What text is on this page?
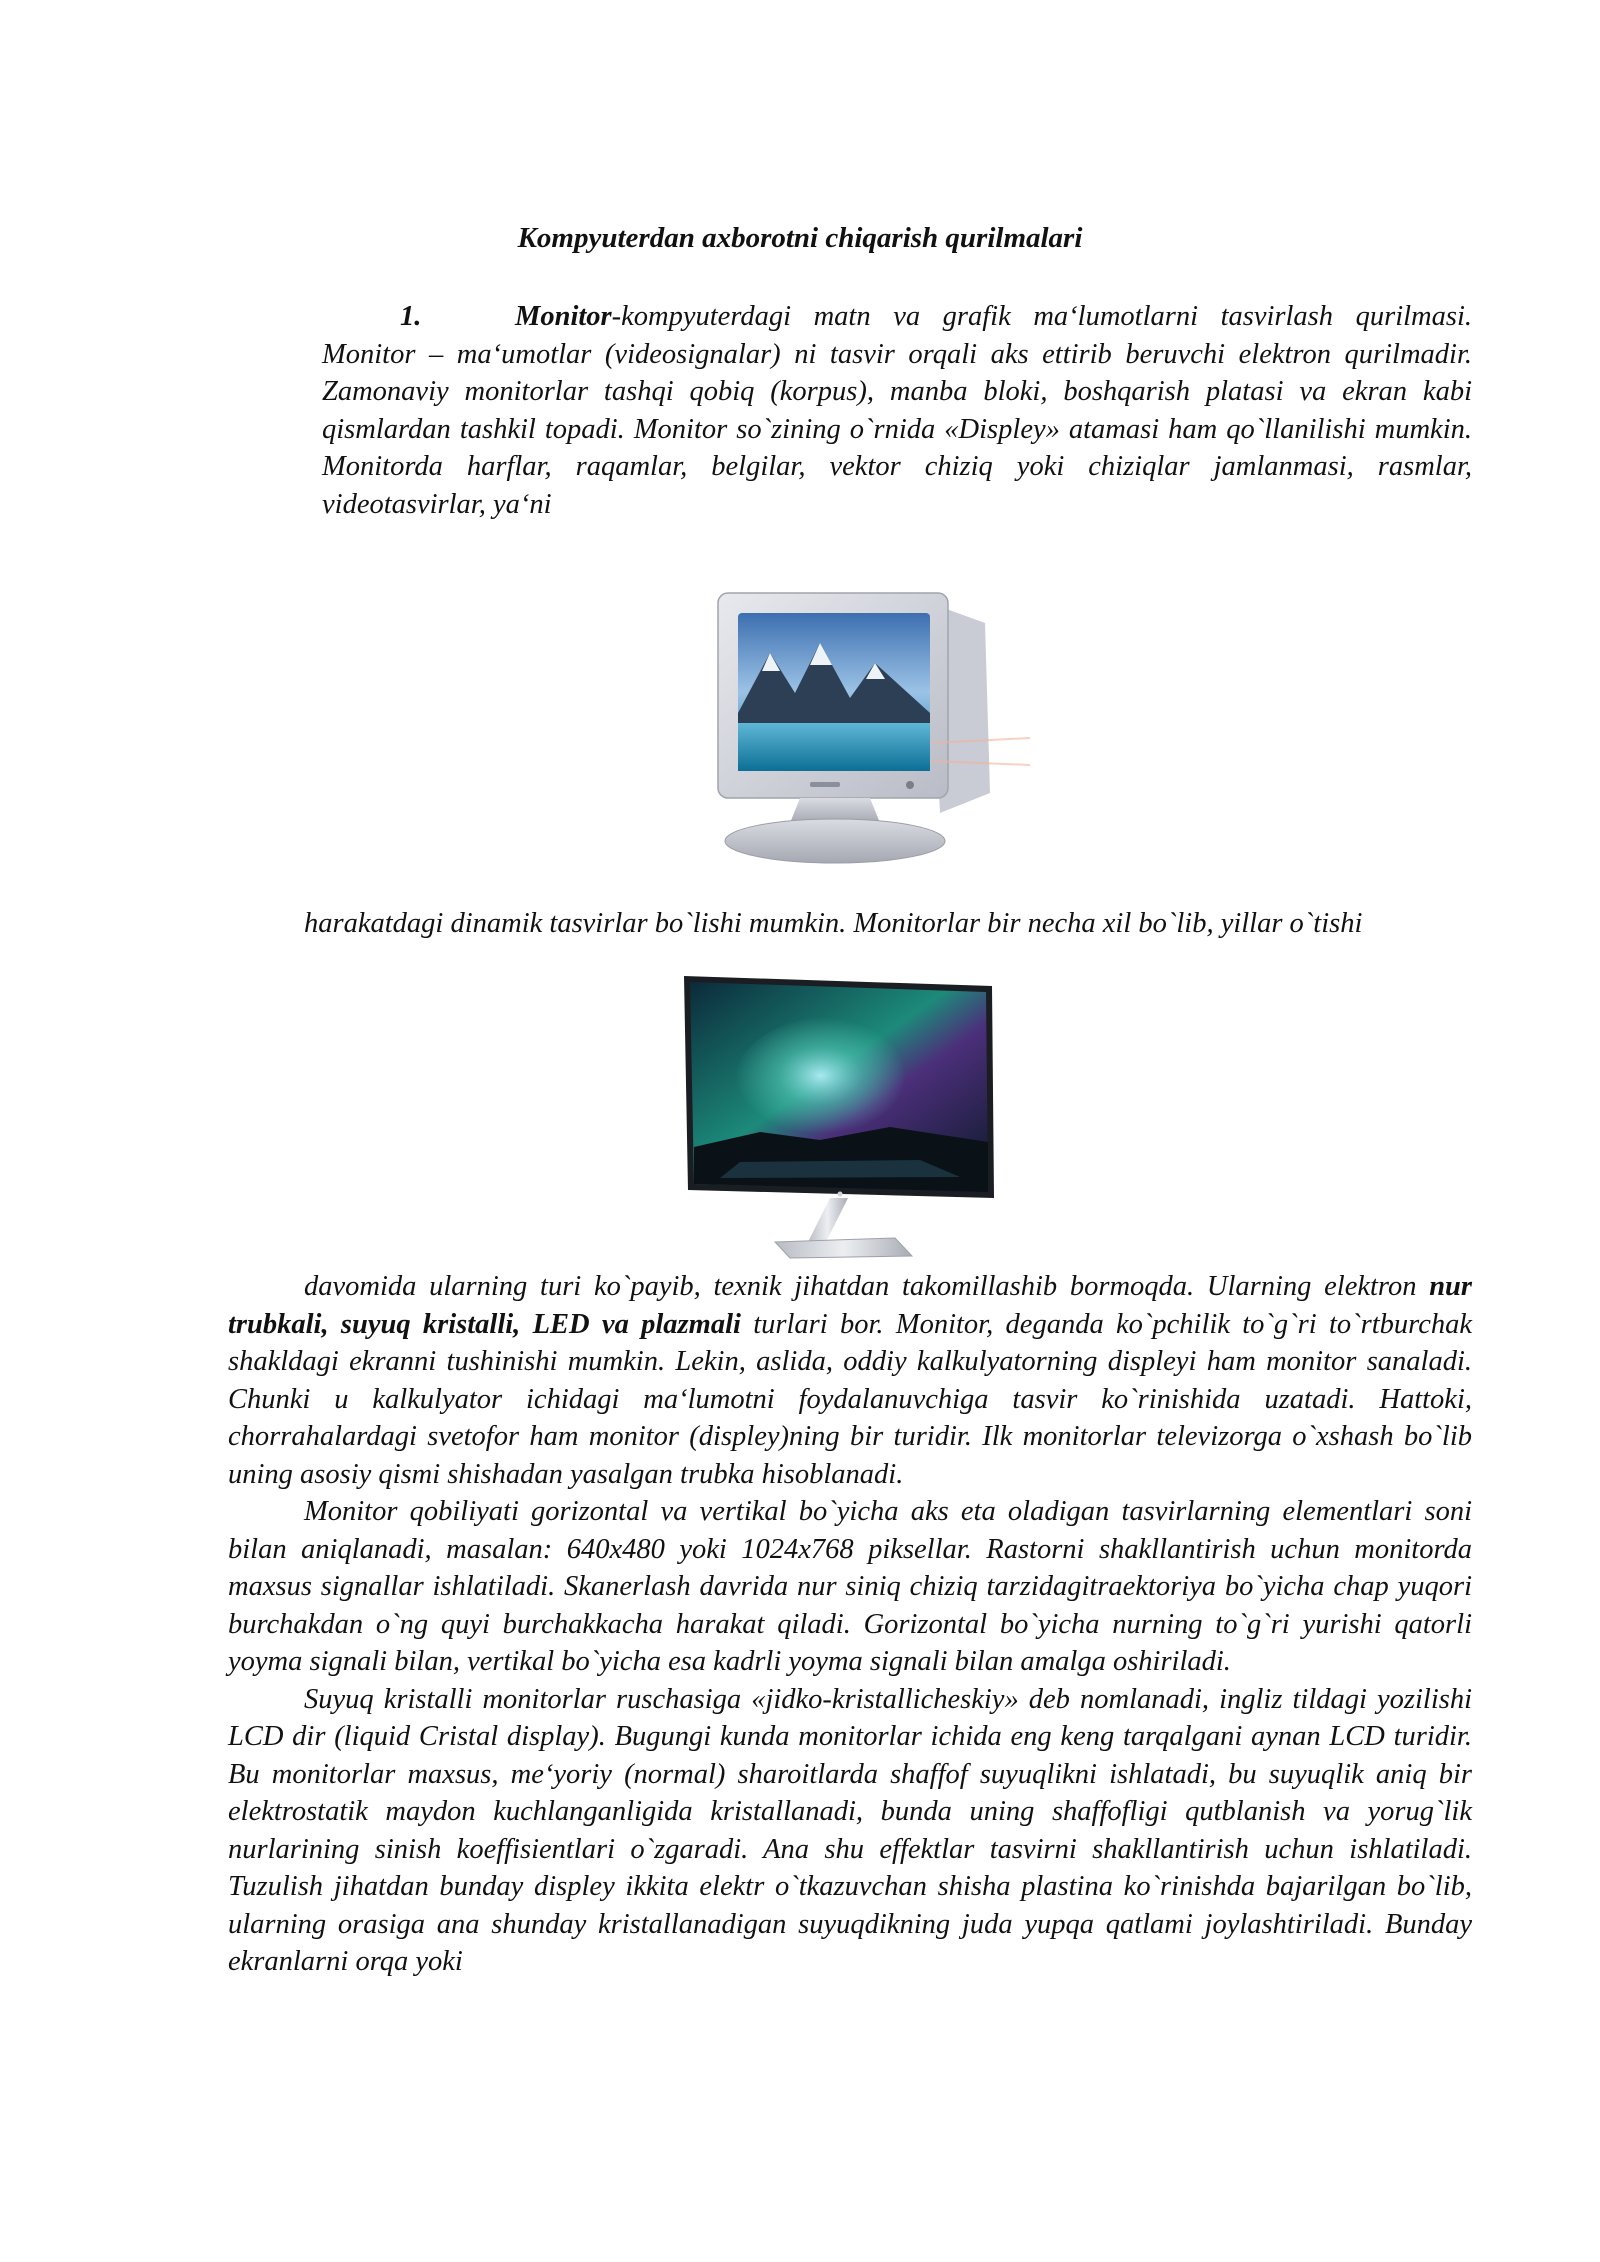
Kompyuterdan axborotni chiqarish qurilmalari
1.	Monitor-kompyuterdagi matn va grafik ma‘lumotlarni tasvirlash qurilmasi. Monitor – ma‘umotlar (videosignalar) ni tasvir orqali aks ettirib beruvchi elektron qurilmadir. Zamonaviy monitorlar tashqi qobiq (korpus), manba bloki, boshqarish platasi va ekran kabi qismlardan tashkil topadi. Monitor so`zining o`rnida «Displey» atamasi ham qo`llanilishi mumkin. Monitorda harflar, raqamlar, belgilar, vektor chiziq yoki chiziqlar jamlanmasi, rasmlar, videotasvirlar, ya‘ni
harakatdagi dinamik tasvirlar bo`lishi mumkin. Monitorlar bir necha xil bo`lib, yillar o`tishi
davomida ularning turi ko`payib, texnik jihatdan takomillashib bormoqda. Ularning elektron nur trubkali, suyuq kristalli, LED va plazmali turlari bor. Monitor, deganda ko`pchilik to`g`ri to`rtburchak shakldagi ekranni tushinishi mumkin. Lekin, aslida, oddiy kalkulyatorning displeyi ham monitor sanaladi. Chunki u kalkulyator ichidagi ma‘lumotni foydalanuvchiga tasvir ko`rinishida uzatadi. Hattoki, chorrahalardagi svetofor ham monitor (displey)ning bir turidir. Ilk monitorlar televizorga o`xshash bo`lib uning asosiy qismi shishadan yasalgan trubka hisoblanadi.
Monitor qobiliyati gorizontal va vertikal bo`yicha aks eta oladigan tasvirlarning elementlari soni bilan aniqlanadi, masalan: 640x480 yoki 1024x768 piksellar. Rastorni shakllantirish uchun monitorda maxsus signallar ishlatiladi. Skanerlash davrida nur siniq chiziq tarzidagitraektoriya bo`yicha chap yuqori burchakdan o`ng quyi burchakkacha harakat qiladi. Gorizontal bo`yicha nurning to`g`ri yurishi qatorli yoyma signali bilan, vertikal bo`yicha esa kadrli yoyma signali bilan amalga oshiriladi.
Suyuq kristalli monitorlar ruschasiga «jidko-kristallicheskiy» deb nomlanadi, ingliz tildagi yozilishi LCD dir (liquid Cristal display). Bugungi kunda monitorlar ichida eng keng tarqalgani aynan LCD turidir. Bu monitorlar maxsus, me‘yoriy (normal) sharoitlarda shaffof suyuqlikni ishlatadi, bu suyuqlik aniq bir elektrostatik maydon kuchlanganligida kristallanadi, bunda uning shaffofligi qutblanish va yorug`lik nurlarining sinish koeffisientlari o`zgaradi. Ana shu effektlar tasvirni shakllantirish uchun ishlatiladi. Tuzulish jihatdan bunday displey ikkita elektr o`tkazuvchan shisha plastina ko`rinishda bajarilgan bo`lib, ularning orasiga ana shunday kristallanadigan suyuqdikning juda yupqa qatlami joylashtiriladi. Bunday ekranlarni orqa yoki
